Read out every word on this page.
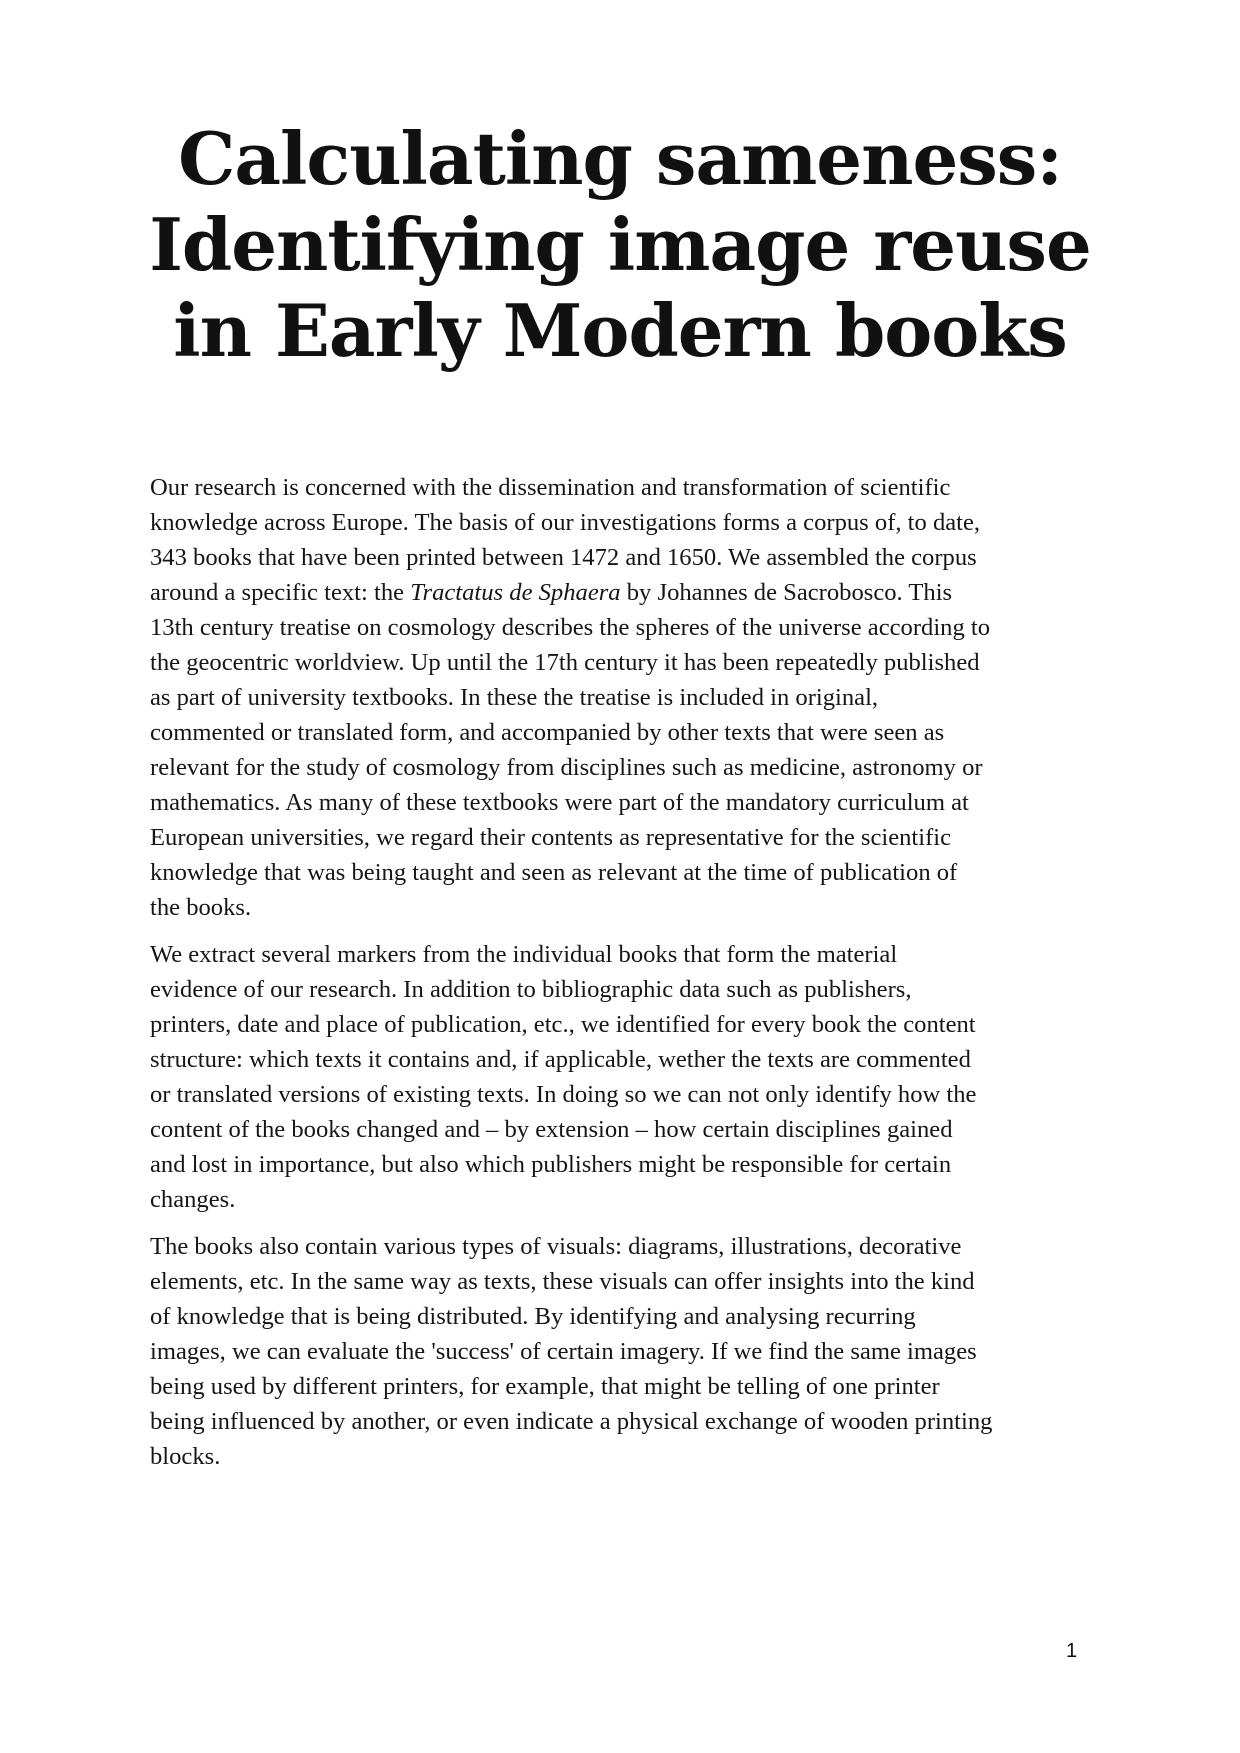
Calculating sameness:
Identifying image reuse
in Early Modern books

Our research is concerned with the dissemination and transformation of scientific
knowledge across Europe. The basis of our investigations forms a corpus of, to date,
343 books that have been printed between 1472 and 1650. We assembled the corpus
around a specific text: the Tractatus de Sphaera by Johannes de Sacrobosco. This
13th century treatise on cosmology describes the spheres of the universe according to
the geocentric worldview. Up until the 17th century it has been repeatedly published
as part of university textbooks. In these the treatise is included in original,
commented or translated form, and accompanied by other texts that were seen as
relevant for the study of cosmology from disciplines such as medicine, astronomy or
mathematics. As many of these textbooks were part of the mandatory curriculum at
European universities, we regard their contents as representative for the scientific
knowledge that was being taught and seen as relevant at the time of publication of
the books.

We extract several markers from the individual books that form the material
evidence of our research. In addition to bibliographic data such as publishers,
printers, date and place of publication, etc., we identified for every book the content
structure: which texts it contains and, if applicable, wether the texts are commented
or translated versions of existing texts. In doing so we can not only identify how the
content of the books changed and – by extension – how certain disciplines gained
and lost in importance, but also which publishers might be responsible for certain
changes.

The books also contain various types of visuals: diagrams, illustrations, decorative
elements, etc. In the same way as texts, these visuals can offer insights into the kind
of knowledge that is being distributed. By identifying and analysing recurring
images, we can evaluate the 'success' of certain imagery. If we find the same images
being used by different printers, for example, that might be telling of one printer
being influenced by another, or even indicate a physical exchange of wooden printing
blocks.

1
